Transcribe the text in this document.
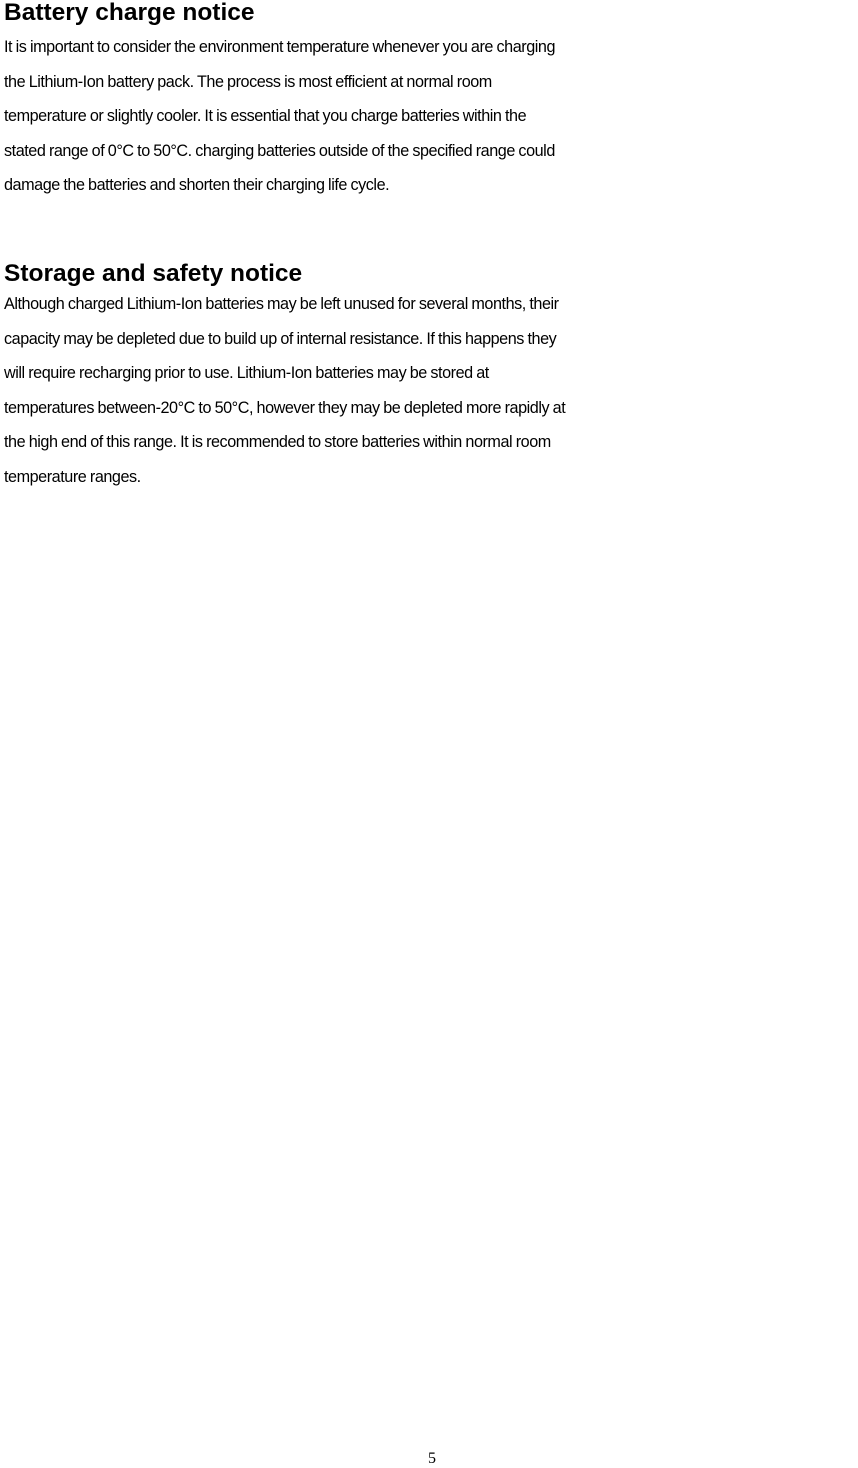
Battery charge notice

It is important to consider the environment temperature whenever you are charging
the Lithium-Ion battery pack. The process is most efficient at normal room
temperature or slightly cooler. It is essential that you charge batteries within the
stated range of 0°C to 50°C. charging batteries outside of the specified range could
damage the batteries and shorten their charging life cycle.

Storage and safety notice

Although charged Lithium-Ion batteries may be left unused for several months, their
capacity may be depleted due to build up of internal resistance. If this happens they
will require recharging prior to use. Lithium-Ion batteries may be stored at
temperatures between-20°C to 50°C, however they may be depleted more rapidly at
the high end of this range. It is recommended to store batteries within normal room
temperature ranges.

5
